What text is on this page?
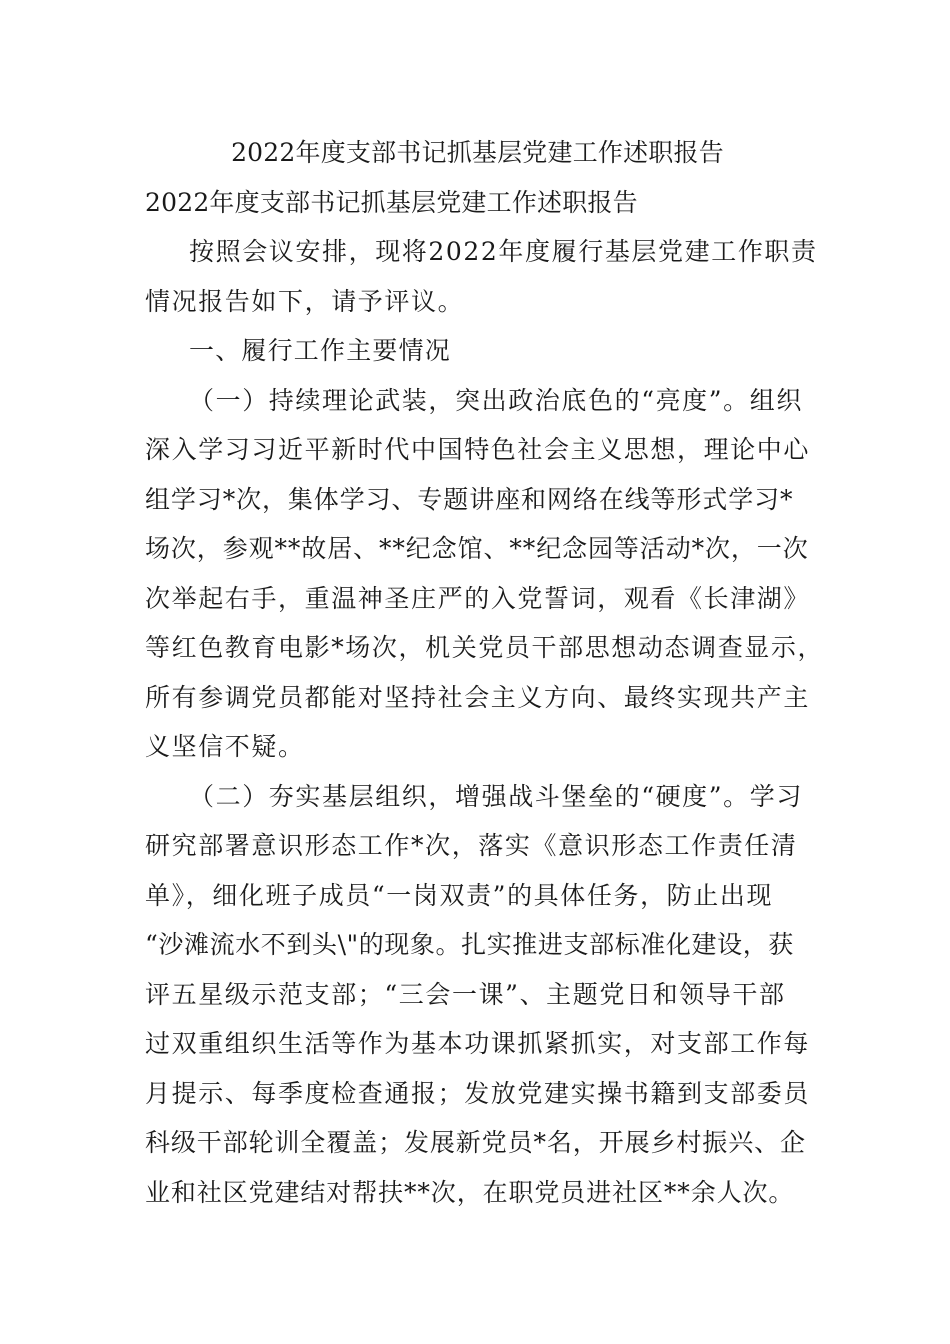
2022年度支部书记抓基层党建工作述职报告
2022年度支部书记抓基层党建工作述职报告

按照会议安排，现将2022年度履行基层党建工作职责
情况报告如下，请予评议。

一、履行工作主要情况

（一）持续理论武装，突出政治底色的“亮度”。组织
深入学习习近平新时代中国特色社会主义思想，理论中心
组学习*次，集体学习、专题讲座和网络在线等形式学习*
场次，参观**故居、**纪念馆、**纪念园等活动*次，一次
次举起右手，重温神圣庄严的入党誓词，观看《长津湖》
等红色教育电影*场次，机关党员干部思想动态调查显示，
所有参调党员都能对坚持社会主义方向、最终实现共产主
义坚信不疑。

（二）夯实基层组织，增强战斗堡垒的“硬度”。学习
研究部署意识形态工作*次，落实《意识形态工作责任清
单》，细化班子成员“一岗双责”的具体任务，防止出现
“沙滩流水不到头\"的现象。扎实推进支部标准化建设，获
评五星级示范支部；“三会一课”、主题党日和领导干部
过双重组织生活等作为基本功课抓紧抓实，对支部工作每
月提示、每季度检查通报；发放党建实操书籍到支部委员
科级干部轮训全覆盖；发展新党员*名，开展乡村振兴、企
业和社区党建结对帮扶**次，在职党员进社区**余人次。
